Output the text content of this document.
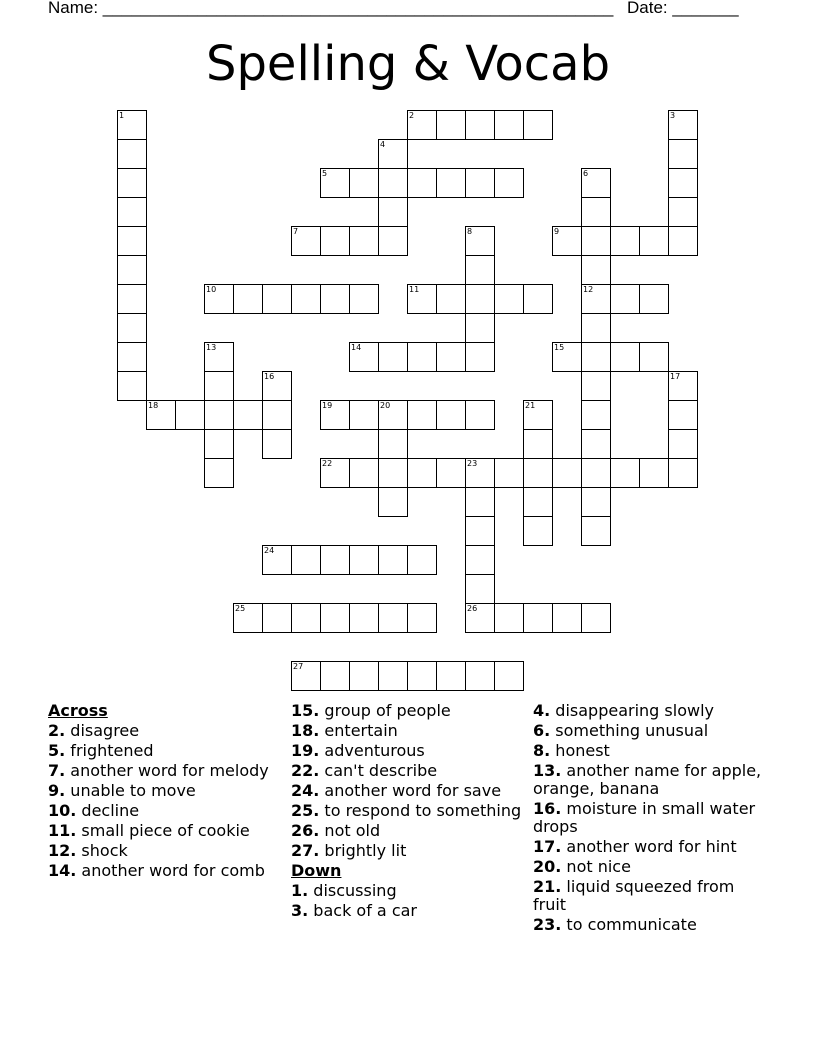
Name: ______________________________________________________ Date: _______
Spelling & Vocab
1	2	3
4
5	6
12
7	8	9
10	11
13	14	15
16	17
18	19	20	21
22	23
26
24
25
27
Across
2. disagree
5. frightened
7. another word for melody
9. unable to move
10. decline
11. small piece of cookie
12. shock
14. another word for comb
15. group of people
18. entertain
19. adventurous
22. can't describe
24. another word for save
25. to respond to something
26. not old
27. brightly lit
Down
1. discussing
3. back of a car
4. disappearing slowly
6. something unusual
8. honest
13. another name for apple, orange, banana
16. moisture in small water drops
17. another word for hint
20. not nice
21. liquid squeezed from fruit
23. to communicate
